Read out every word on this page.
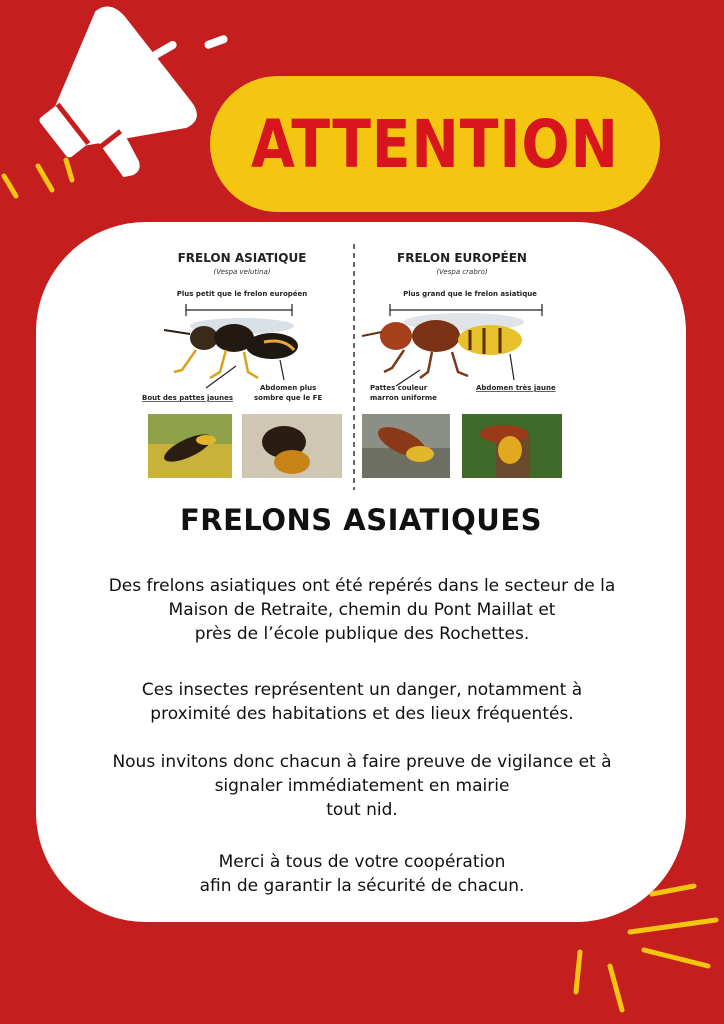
ATTENTION
FRELON ASIATIQUE
(Vespa velutina)
Plus petit que le frelon européen
Bout des pattes jaunes
Abdomen plus
sombre que le FE
FRELON EUROPÉEN
(Vespa crabro)
Plus grand que le frelon asiatique
Pattes couleur
marron uniforme
Abdomen très jaune
FRELONS ASIATIQUES
Des frelons asiatiques ont été repérés dans le secteur de la
Maison de Retraite, chemin du Pont Maillat et
près de l’école publique des Rochettes.
Ces insectes représentent un danger, notamment à
proximité des habitations et des lieux fréquentés.
Nous invitons donc chacun à faire preuve de vigilance et à
signaler immédiatement en mairie
tout nid.
Merci à tous de votre coopération
afin de garantir la sécurité de chacun.
